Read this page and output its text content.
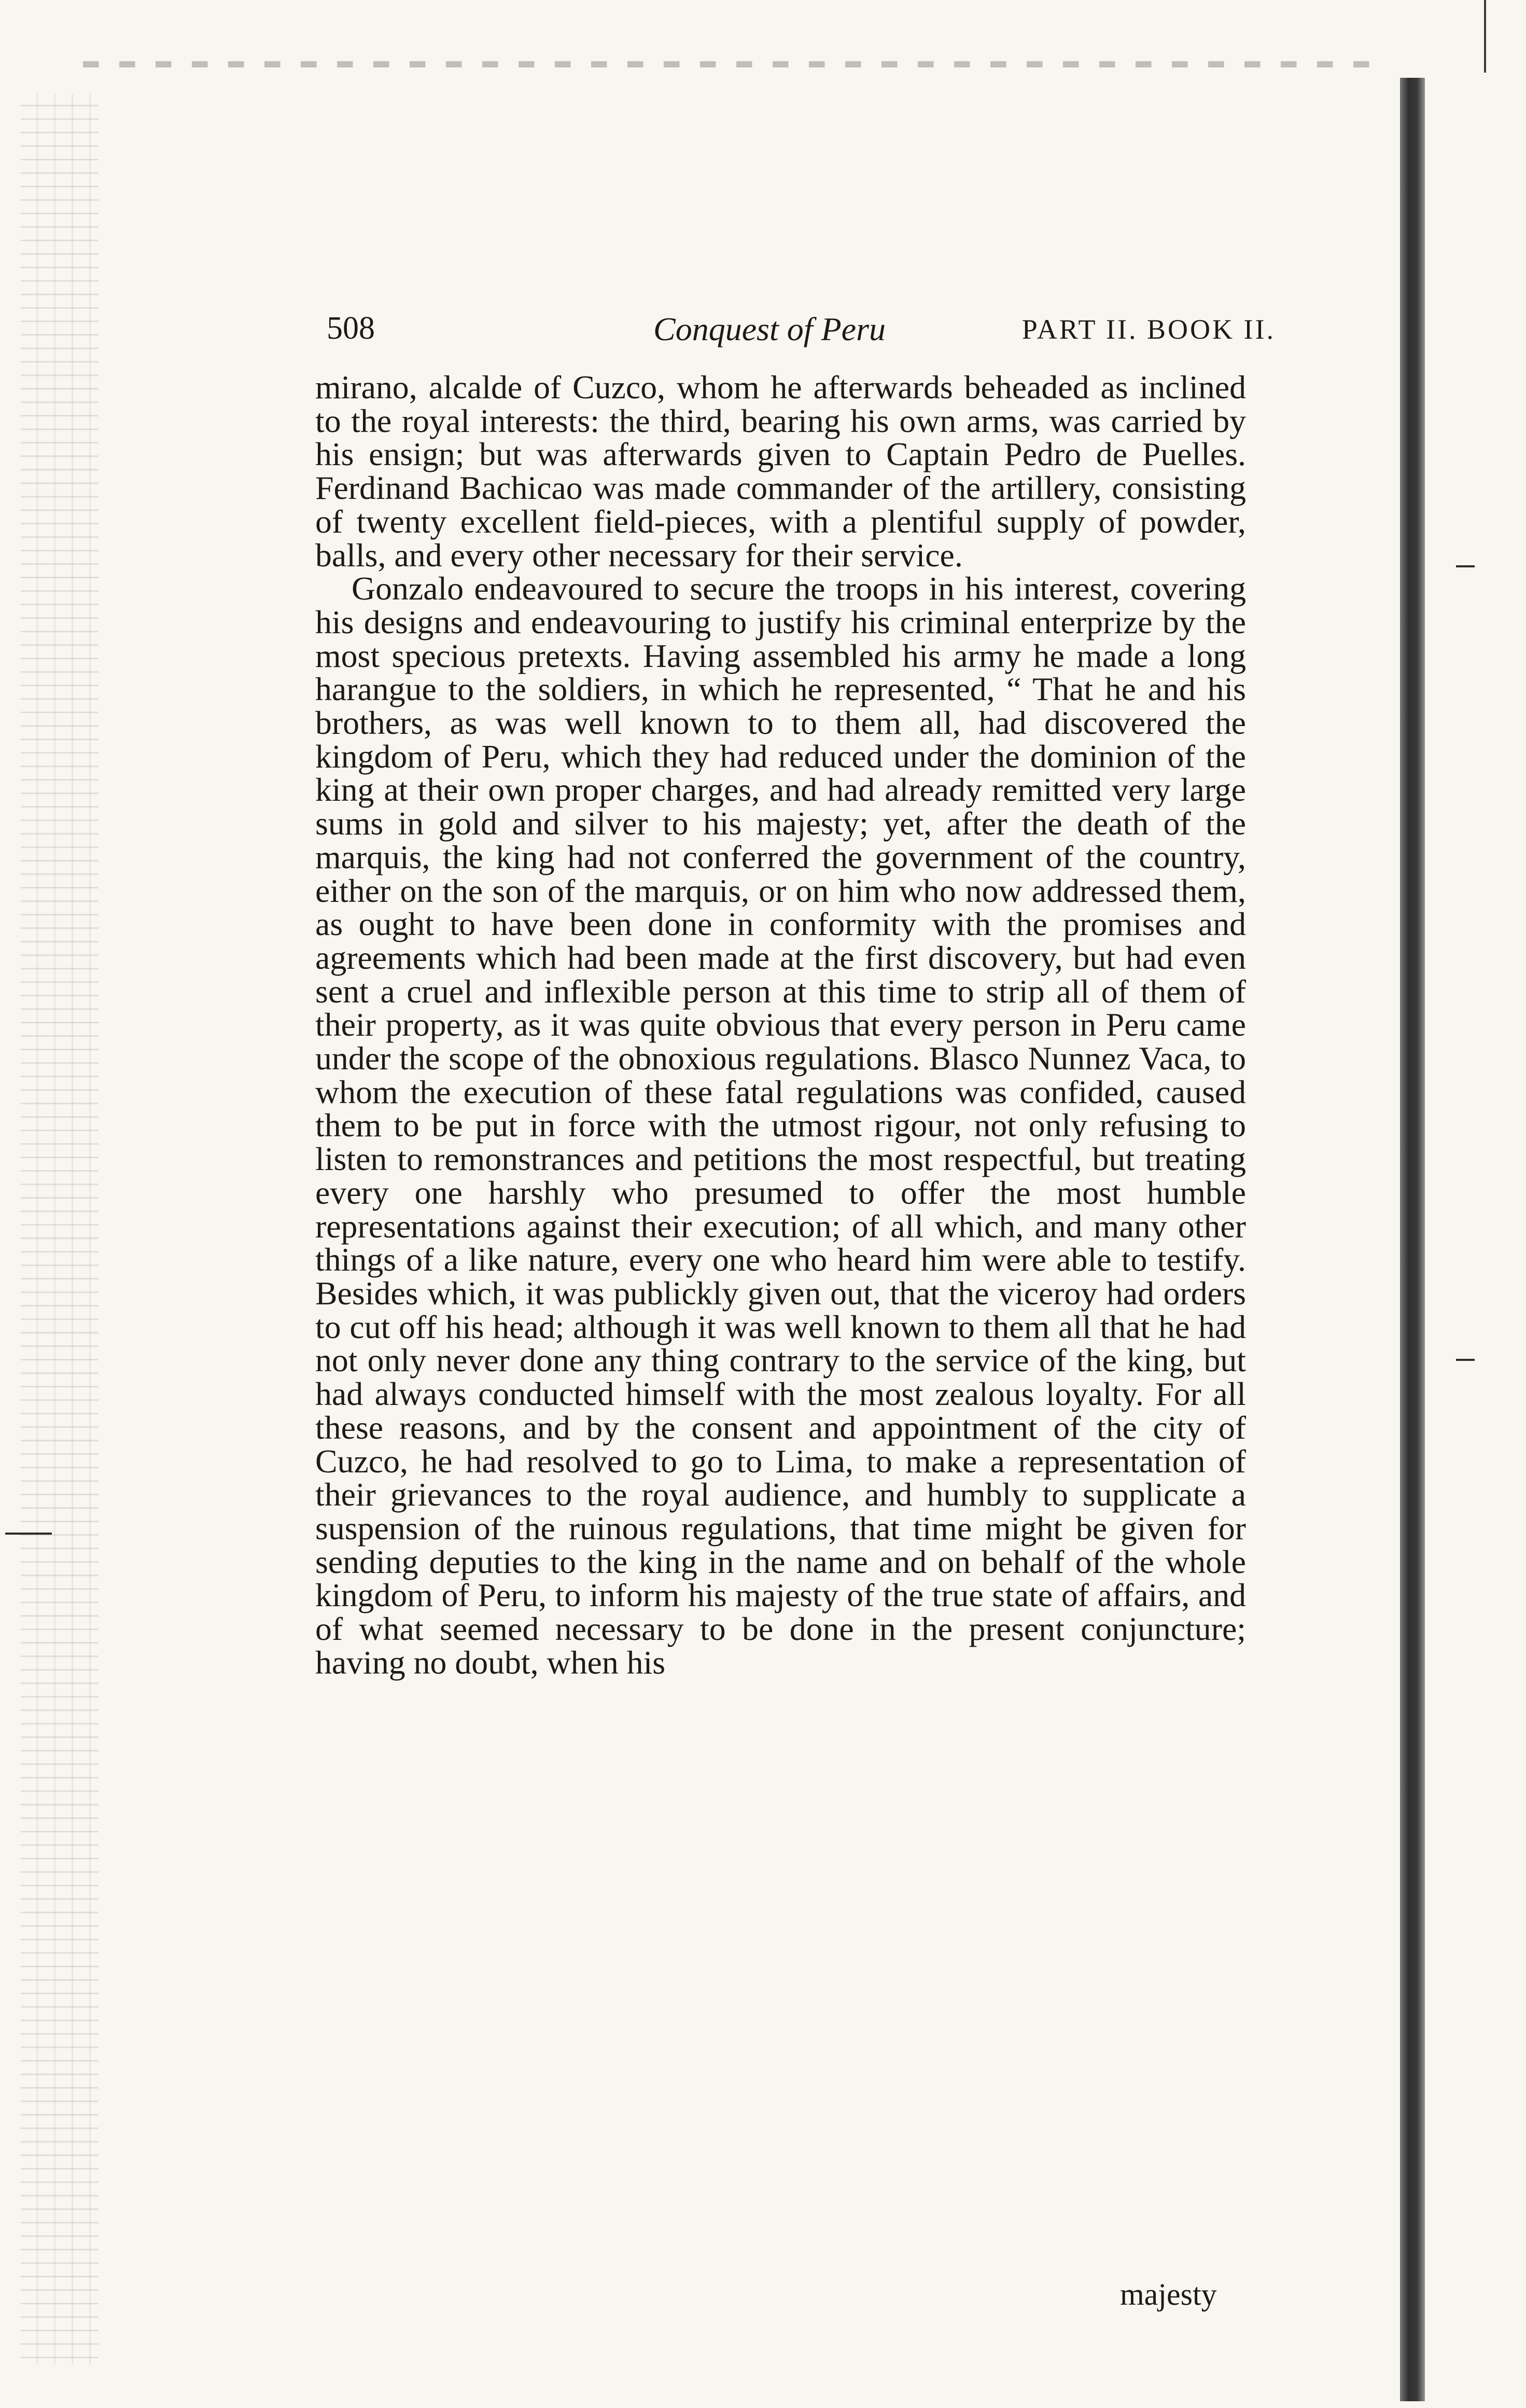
508	Conquest of Peru	PART II. BOOK II.

mirano, alcalde of Cuzco, whom he afterwards beheaded as inclined to the royal interests: the third, bearing his own arms, was carried by his ensign; but was afterwards given to Captain Pedro de Puelles. Ferdinand Bachicao was made commander of the artillery, consisting of twenty excellent field-pieces, with a plentiful supply of powder, balls, and every other necessary for their service.

Gonzalo endeavoured to secure the troops in his interest, covering his designs and endeavouring to justify his criminal enterprize by the most specious pretexts. Having assembled his army he made a long harangue to the soldiers, in which he represented, “ That he and his brothers, as was well known to to them all, had discovered the kingdom of Peru, which they had reduced under the dominion of the king at their own proper charges, and had already remitted very large sums in gold and silver to his majesty; yet, after the death of the marquis, the king had not conferred the government of the country, either on the son of the marquis, or on him who now addressed them, as ought to have been done in conformity with the promises and agreements which had been made at the first discovery, but had even sent a cruel and inflexible person at this time to strip all of them of their property, as it was quite obvious that every person in Peru came under the scope of the obnoxious regulations. Blasco Nunnez Vaca, to whom the execution of these fatal regulations was confided, caused them to be put in force with the utmost rigour, not only refusing to listen to remonstrances and petitions the most respectful, but treating every one harshly who presumed to offer the most humble representations against their execution; of all which, and many other things of a like nature, every one who heard him were able to testify. Besides which, it was publickly given out, that the viceroy had orders to cut off his head; although it was well known to them all that he had not only never done any thing contrary to the service of the king, but had always conducted himself with the most zealous loyalty. For all these reasons, and by the consent and appointment of the city of Cuzco, he had resolved to go to Lima, to make a representation of their grievances to the royal audience, and humbly to supplicate a suspension of the ruinous regulations, that time might be given for sending deputies to the king in the name and on behalf of the whole kingdom of Peru, to inform his majesty of the true state of affairs, and of what seemed necessary to be done in the present conjuncture; having no doubt, when his

majesty
